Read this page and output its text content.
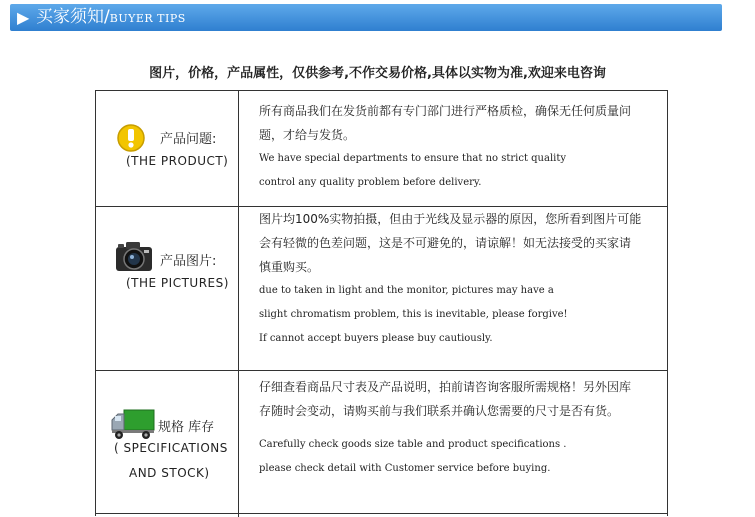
▶ 买家须知/BUYER TIPS
图片，价格，产品属性，仅供参考,不作交易价格,具体以实物为准,欢迎来电咨询
产品问题:
(THE PRODUCT)
所有商品我们在发货前都有专门部门进行严格质检，确保无任何质量问
题，才给与发货。
We have special departments to ensure that no strict quality
control any quality problem before delivery.
产品图片:
(THE PICTURES)
图片均100%实物拍摄，但由于光线及显示器的原因，您所看到图片可能
会有轻微的色差问题，这是不可避免的，请谅解！如无法接受的买家请
慎重购买。
due to taken in light and the monitor, pictures may have a
slight chromatism problem, this is inevitable, please forgive!
If cannot accept buyers please buy cautiously.
规格 库存
( SPECIFICATIONS
AND STOCK)
仔细查看商品尺寸表及产品说明，拍前请咨询客服所需规格！另外因库
存随时会变动，请购买前与我们联系并确认您需要的尺寸是否有货。
Carefully check goods size table and product specifications .
please check detail with Customer service before buying.
